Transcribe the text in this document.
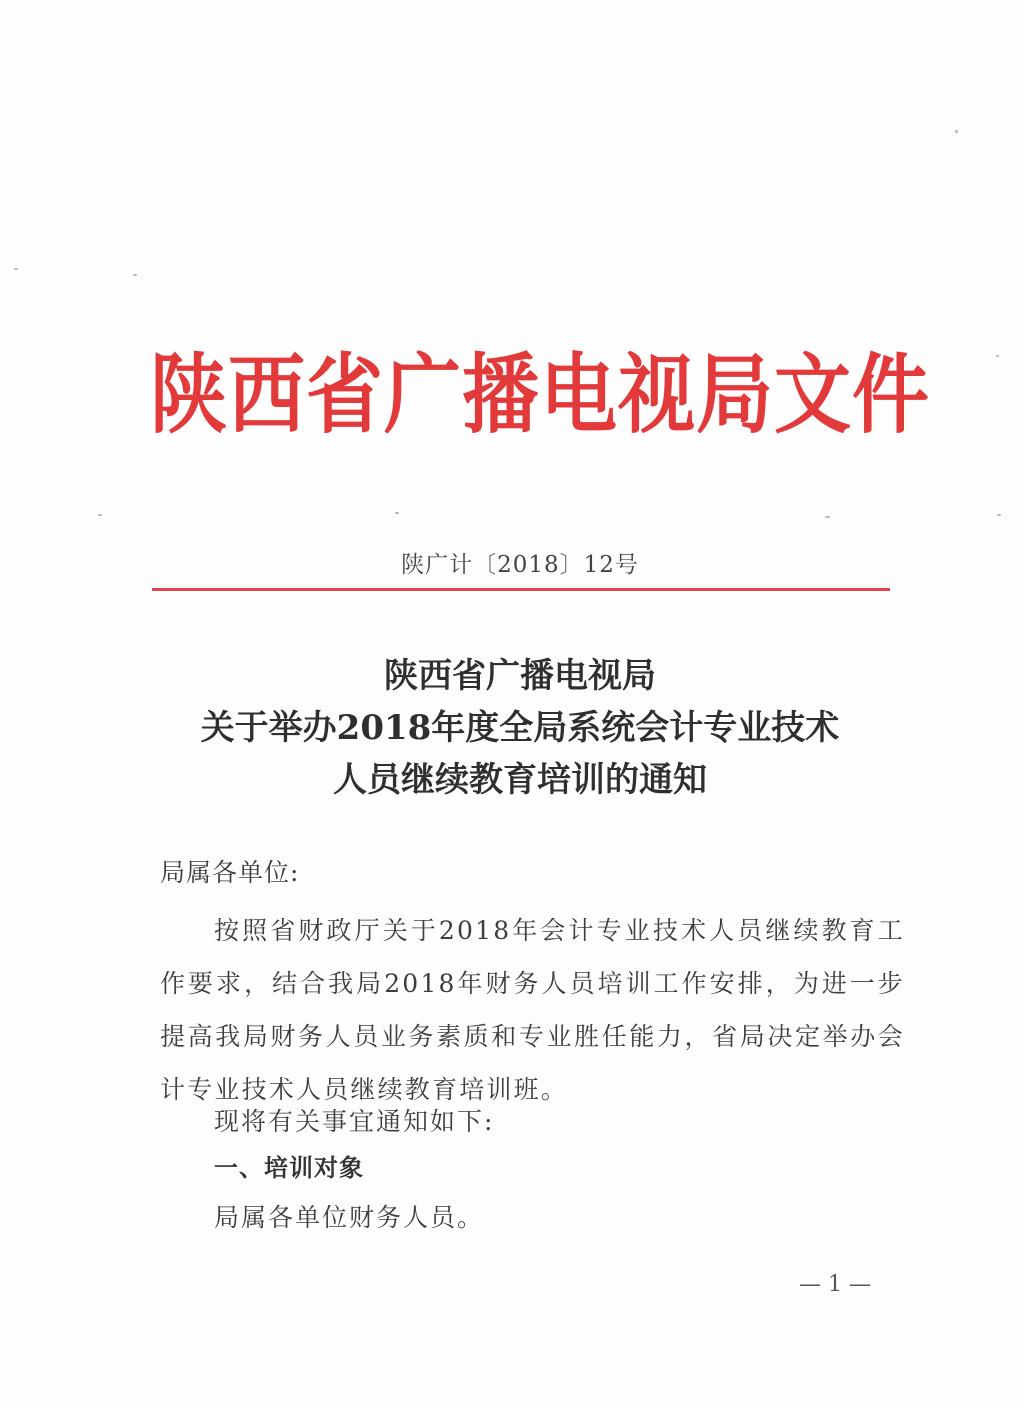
陕西省广播电视局文件
陕广计〔2018〕12号
陕西省广播电视局
关于举办2018年度全局系统会计专业技术
人员继续教育培训的通知
局属各单位:
按照省财政厅关于2018年会计专业技术人员继续教育工作要求，结合我局2018年财务人员培训工作安排，为进一步提高我局财务人员业务素质和专业胜任能力，省局决定举办会计专业技术人员继续教育培训班。
现将有关事宜通知如下:
一、培训对象
局属各单位财务人员。
— 1 —
